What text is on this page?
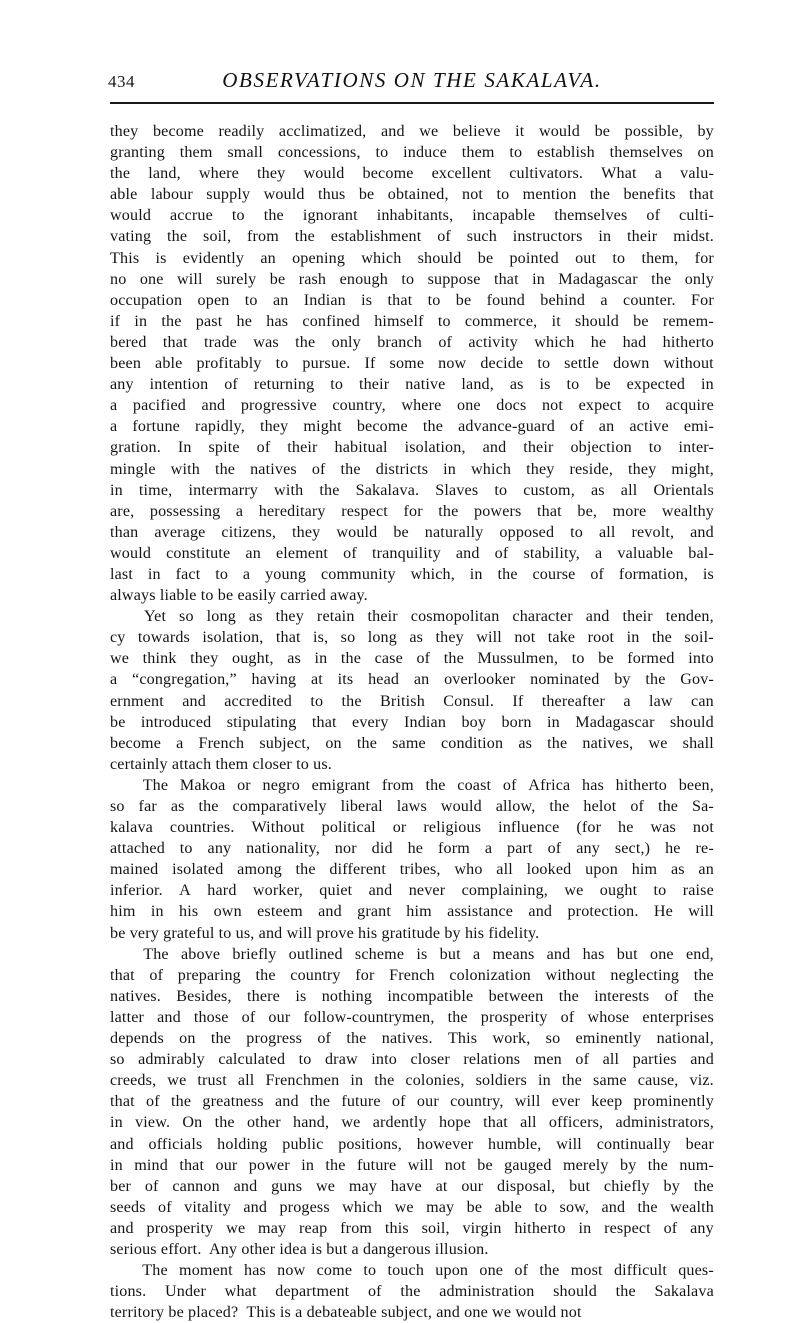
434	OBSERVATIONS ON THE SAKALAVA.

they become readily acclimatized, and we believe it would be possible, by
granting them small concessions, to induce them to establish themselves on
the land, where they would become excellent cultivators. What a valu-
able labour supply would thus be obtained, not to mention the benefits that
would accrue to the ignorant inhabitants, incapable themselves of culti-
vating the soil, from the establishment of such instructors in their midst.
This is evidently an opening which should be pointed out to them, for
no one will surely be rash enough to suppose that in Madagascar the only
occupation open to an Indian is that to be found behind a counter. For
if in the past he has confined himself to commerce, it should be remem-
bered that trade was the only branch of activity which he had hitherto
been able profitably to pursue. If some now decide to settle down without
any intention of returning to their native land, as is to be expected in
a pacified and progressive country, where one docs not expect to acquire
a fortune rapidly, they might become the advance-guard of an active emi-
gration. In spite of their habitual isolation, and their objection to inter-
mingle with the natives of the districts in which they reside, they might,
in time, intermarry with the Sakalava. Slaves to custom, as all Orientals
are, possessing a hereditary respect for the powers that be, more wealthy
than average citizens, they would be naturally opposed to all revolt, and
would constitute an element of tranquility and of stability, a valuable bal-
last in fact to a young community which, in the course of formation, is
always liable to be easily carried away.

Yet so long as they retain their cosmopolitan character and their tenden,
cy towards isolation, that is, so long as they will not take root in the soil-
we think they ought, as in the case of the Mussulmen, to be formed into
a “congregation,” having at its head an overlooker nominated by the Gov-
ernment and accredited to the British Consul. If thereafter a law can
be introduced stipulating that every Indian boy born in Madagascar should
become a French subject, on the same condition as the natives, we shall
certainly attach them closer to us.

The Makoa or negro emigrant from the coast of Africa has hitherto been,
so far as the comparatively liberal laws would allow, the helot of the Sa-
kalava countries. Without political or religious influence (for he was not
attached to any nationality, nor did he form a part of any sect,) he re-
mained isolated among the different tribes, who all looked upon him as an
inferior. A hard worker, quiet and never complaining, we ought to raise
him in his own esteem and grant him assistance and protection. He will
be very grateful to us, and will prove his gratitude by his fidelity.

The above briefly outlined scheme is but a means and has but one end,
that of preparing the country for French colonization without neglecting the
natives. Besides, there is nothing incompatible between the interests of the
latter and those of our follow-countrymen, the prosperity of whose enterprises
depends on the progress of the natives. This work, so eminently national,
so admirably calculated to draw into closer relations men of all parties and
creeds, we trust all Frenchmen in the colonies, soldiers in the same cause, viz.
that of the greatness and the future of our country, will ever keep prominently
in view. On the other hand, we ardently hope that all officers, administrators,
and officials holding public positions, however humble, will continually bear
in mind that our power in the future will not be gauged merely by the num-
ber of cannon and guns we may have at our disposal, but chiefly by the
seeds of vitality and progess which we may be able to sow, and the wealth
and prosperity we may reap from this soil, virgin hitherto in respect of any
serious effort.  Any other idea is but a dangerous illusion.

The moment has now come to touch upon one of the most difficult ques-
tions. Under what department of the administration should the Sakalava
territory be placed?  This is a debateable subject, and one we would not
